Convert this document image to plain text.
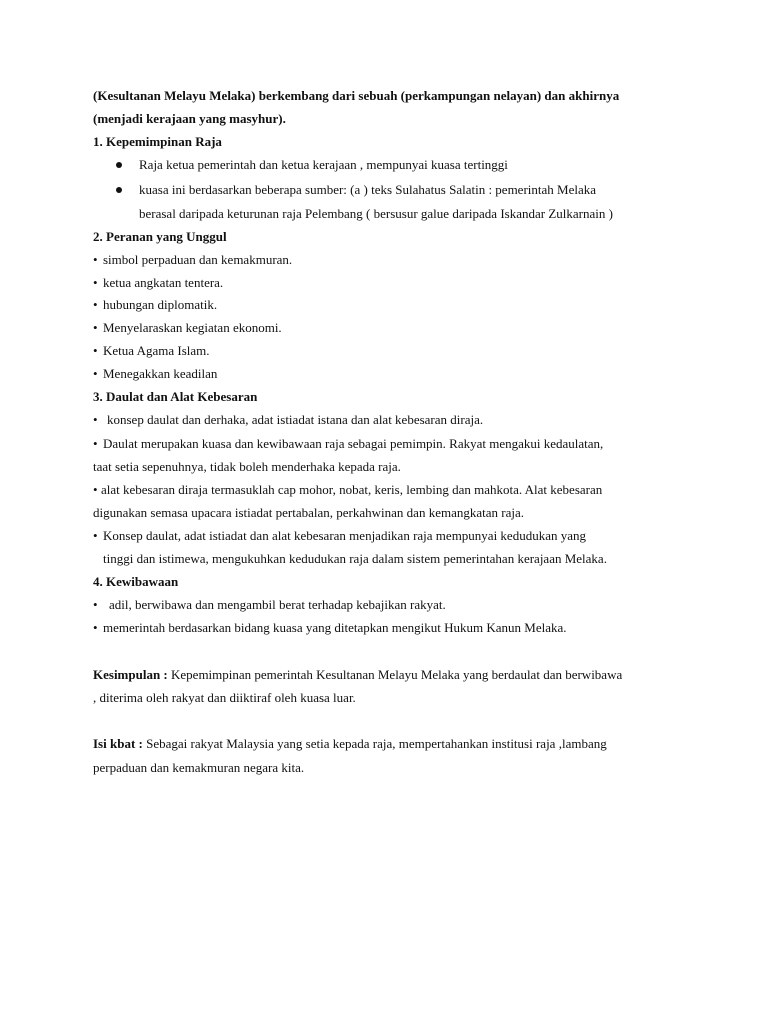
(Kesultanan Melayu Melaka) berkembang dari sebuah (perkampungan nelayan) dan akhirnya
(menjadi kerajaan yang masyhur).
1. Kepemimpinan Raja
Raja ketua pemerintah dan ketua kerajaan , mempunyai kuasa tertinggi
kuasa ini berdasarkan beberapa sumber: (a ) teks Sulahatus Salatin : pemerintah Melaka
berasal daripada keturunan raja Pelembang ( bersusur galue daripada Iskandar Zulkarnain )
2. Peranan yang Unggul
• simbol perpaduan dan kemakmuran.
• ketua angkatan tentera.
• hubungan diplomatik.
• Menyelaraskan kegiatan ekonomi.
• Ketua Agama Islam.
• Menegakkan keadilan
3. Daulat dan Alat Kebesaran
• konsep daulat dan derhaka, adat istiadat istana dan alat kebesaran diraja.
• Daulat merupakan kuasa dan kewibawaan raja sebagai pemimpin. Rakyat mengakui kedaulatan,
taat setia sepenuhnya, tidak boleh menderhaka kepada raja.
• alat kebesaran diraja termasuklah cap mohor, nobat, keris, lembing dan mahkota. Alat kebesaran
digunakan semasa upacara istiadat pertabalan, perkahwinan dan kemangkatan raja.
• Konsep daulat, adat istiadat dan alat kebesaran menjadikan raja mempunyai kedudukan yang
tinggi dan istimewa, mengukuhkan kedudukan raja dalam sistem pemerintahan kerajaan Melaka.
4. Kewibawaan
• adil, berwibawa dan mengambil berat terhadap kebajikan rakyat.
• memerintah berdasarkan bidang kuasa yang ditetapkan mengikut Hukum Kanun Melaka.
Kesimpulan : Kepemimpinan pemerintah Kesultanan Melayu Melaka yang berdaulat dan berwibawa
, diterima oleh rakyat dan diiktiraf oleh kuasa luar.
Isi kbat : Sebagai rakyat Malaysia yang setia kepada raja, mempertahankan institusi raja ,lambang
perpaduan dan kemakmuran negara kita.
